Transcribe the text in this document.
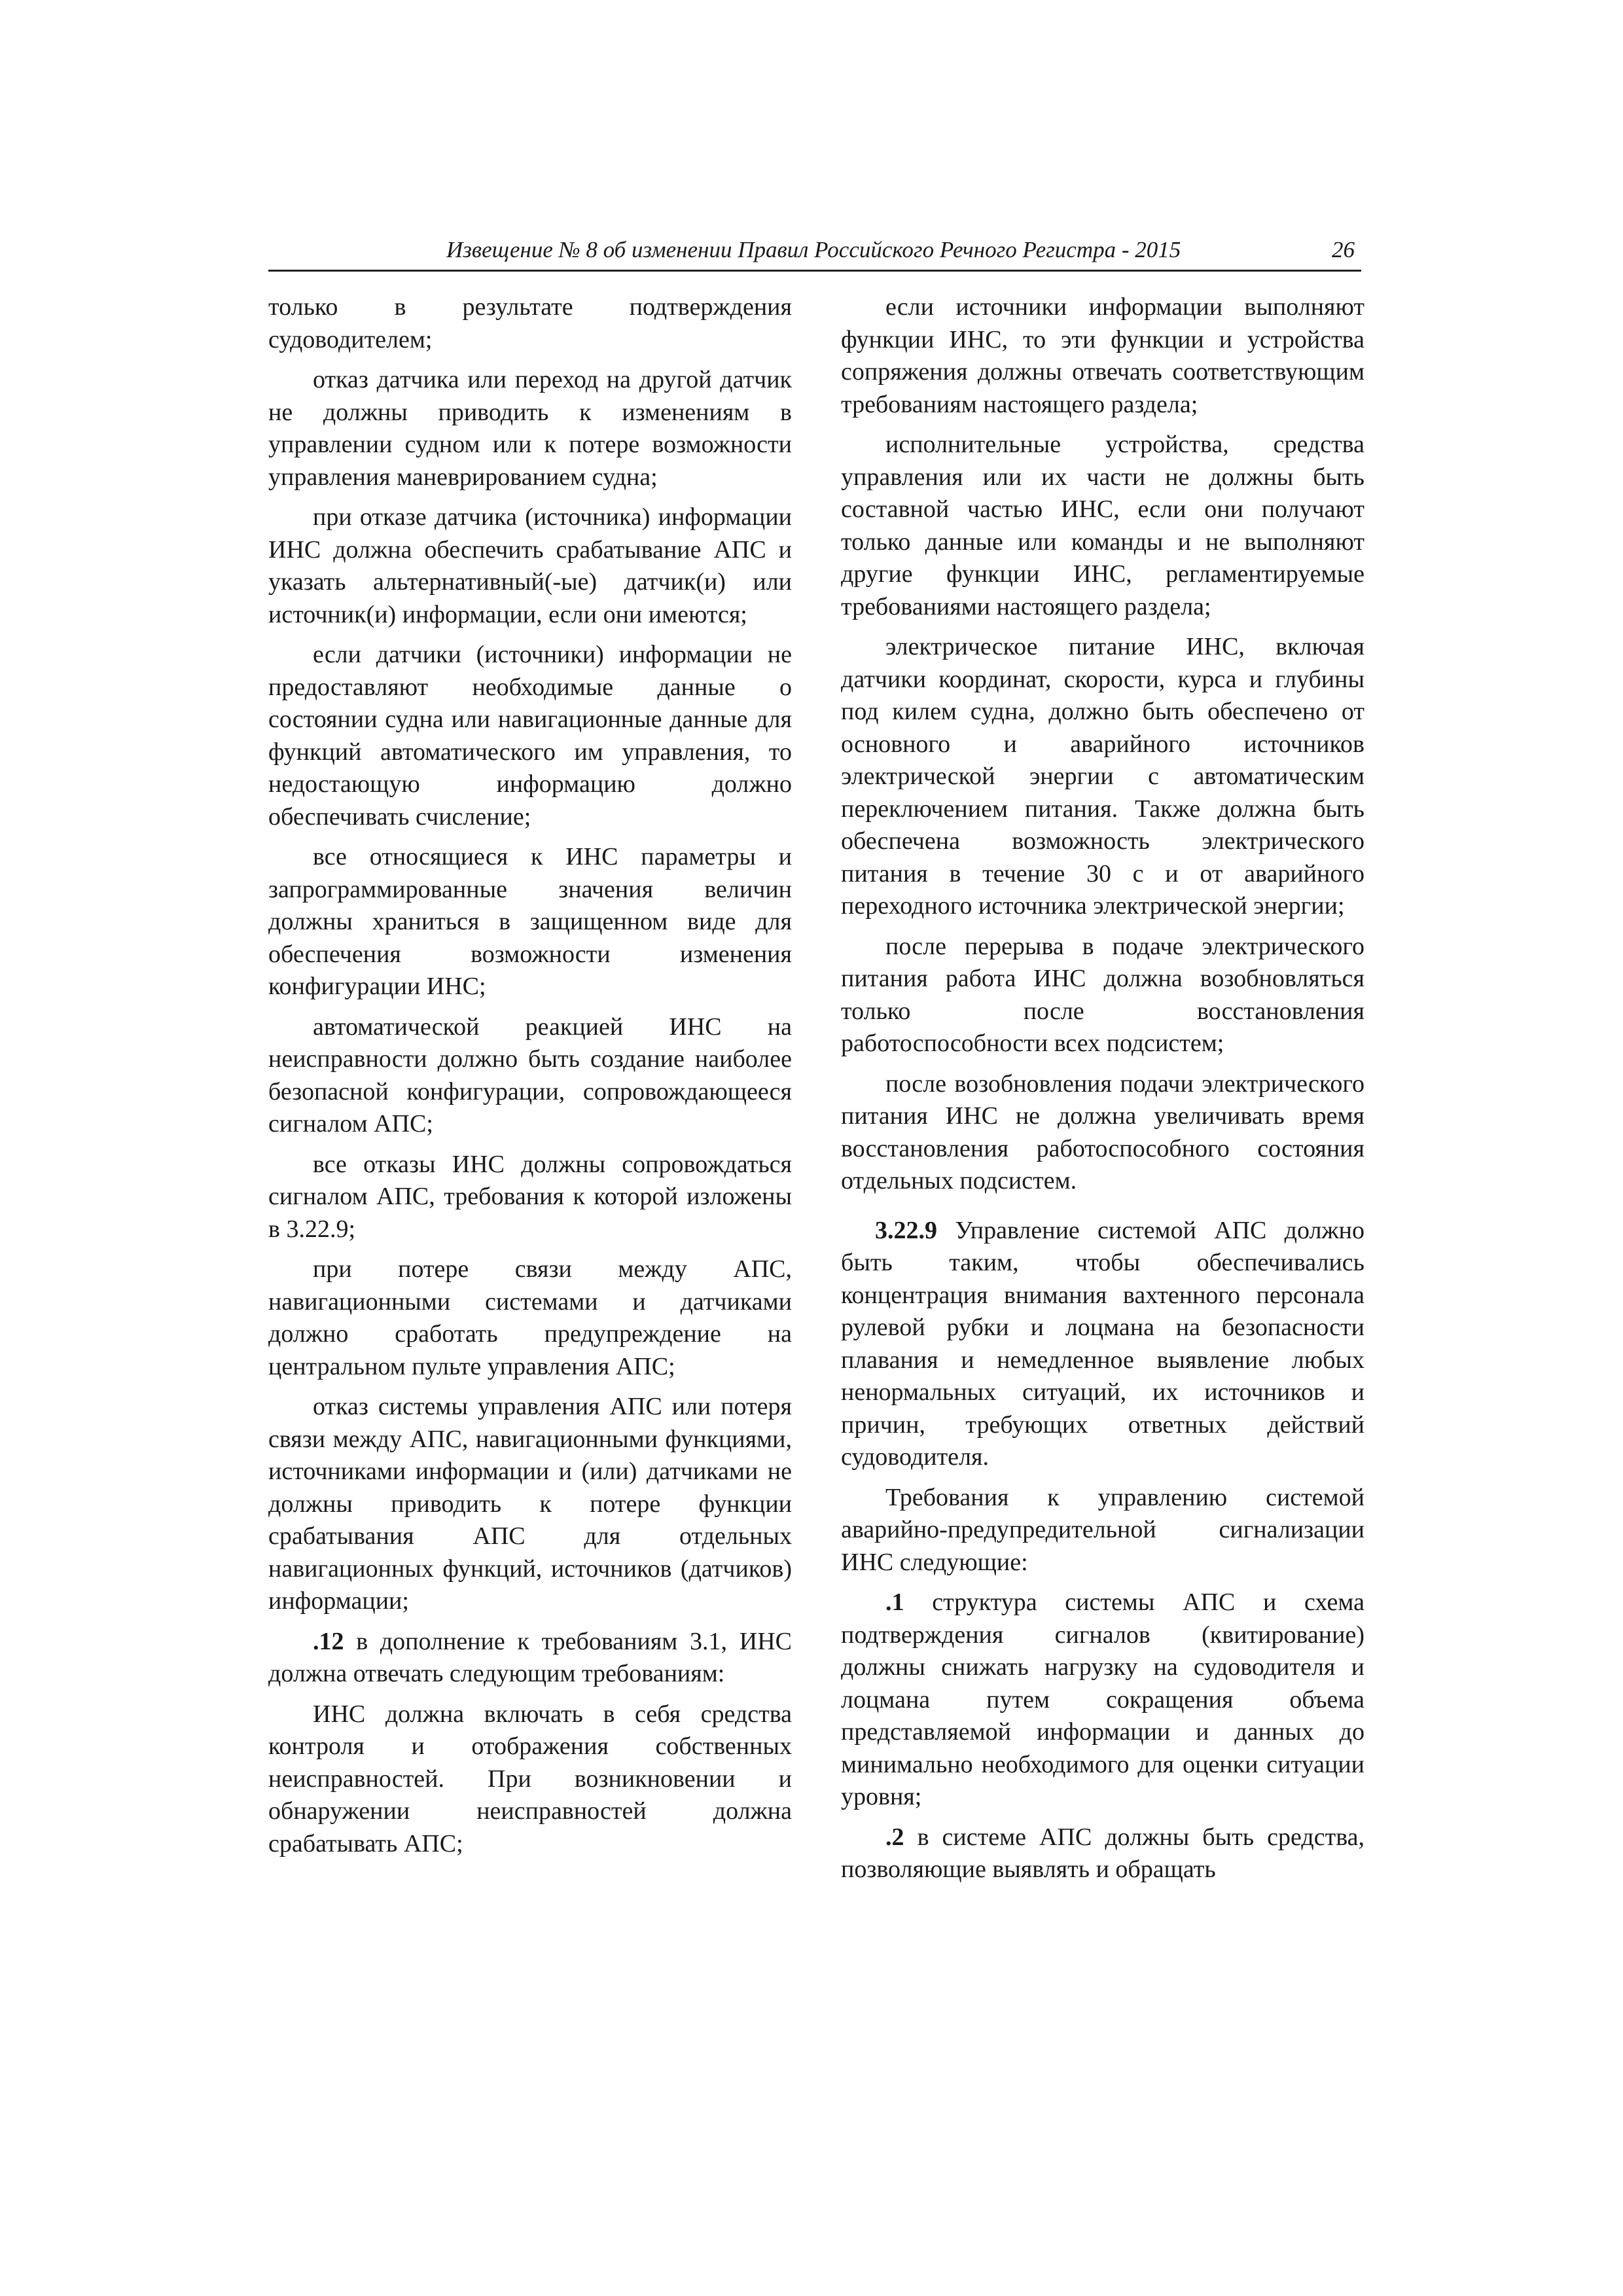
Извещение № 8 об изменении Правил Российского Речного Регистра - 2015	26

только в результате подтверждения судоводителем;

отказ датчика или переход на другой датчик не должны приводить к изменениям в управлении судном или к потере возможности управления маневрированием судна;

при отказе датчика (источника) информации ИНС должна обеспечить срабатывание АПС и указать альтернативный(-ые) датчик(и) или источник(и) информации, если они имеются;

если датчики (источники) информации не предоставляют необходимые данные о состоянии судна или навигационные данные для функций автоматического им управления, то недостающую информацию должно обеспечивать счисление;

все относящиеся к ИНС параметры и запрограммированные значения величин должны храниться в защищенном виде для обеспечения возможности изменения конфигурации ИНС;

автоматической реакцией ИНС на неисправности должно быть создание наиболее безопасной конфигурации, сопровождающееся сигналом АПС;

все отказы ИНС должны сопровождаться сигналом АПС, требования к которой изложены в 3.22.9;

при потере связи между АПС, навигационными системами и датчиками должно сработать предупреждение на центральном пульте управления АПС;

отказ системы управления АПС или потеря связи между АПС, навигационными функциями, источниками информации и (или) датчиками не должны приводить к потере функции срабатывания АПС для отдельных навигационных функций, источников (датчиков) информации;

.12 в дополнение к требованиям 3.1, ИНС должна отвечать следующим требованиям:

ИНС должна включать в себя средства контроля и отображения собственных неисправностей. При возникновении и обнаружении неисправностей должна срабатывать АПС;

если источники информации выполняют функции ИНС, то эти функции и устройства сопряжения должны отвечать соответствующим требованиям настоящего раздела;

исполнительные устройства, средства управления или их части не должны быть составной частью ИНС, если они получают только данные или команды и не выполняют другие функции ИНС, регламентируемые требованиями настоящего раздела;

электрическое питание ИНС, включая датчики координат, скорости, курса и глубины под килем судна, должно быть обеспечено от основного и аварийного источников электрической энергии с автоматическим переключением питания. Также должна быть обеспечена возможность электрического питания в течение 30 с и от аварийного переходного источника электрической энергии;

после перерыва в подаче электрического питания работа ИНС должна возобновляться только после восстановления работоспособности всех подсистем;

после возобновления подачи электрического питания ИНС не должна увеличивать время восстановления работоспособного состояния отдельных подсистем.

3.22.9 Управление системой АПС должно быть таким, чтобы обеспечивались концентрация внимания вахтенного персонала рулевой рубки и лоцмана на безопасности плавания и немедленное выявление любых ненормальных ситуаций, их источников и причин, требующих ответных действий судоводителя.

Требования к управлению системой аварийно-предупредительной сигнализации ИНС следующие:

.1 структура системы АПС и схема подтверждения сигналов (квитирование) должны снижать нагрузку на судоводителя и лоцмана путем сокращения объема представляемой информации и данных до минимально необходимого для оценки ситуации уровня;

.2 в системе АПС должны быть средства, позволяющие выявлять и обращать
